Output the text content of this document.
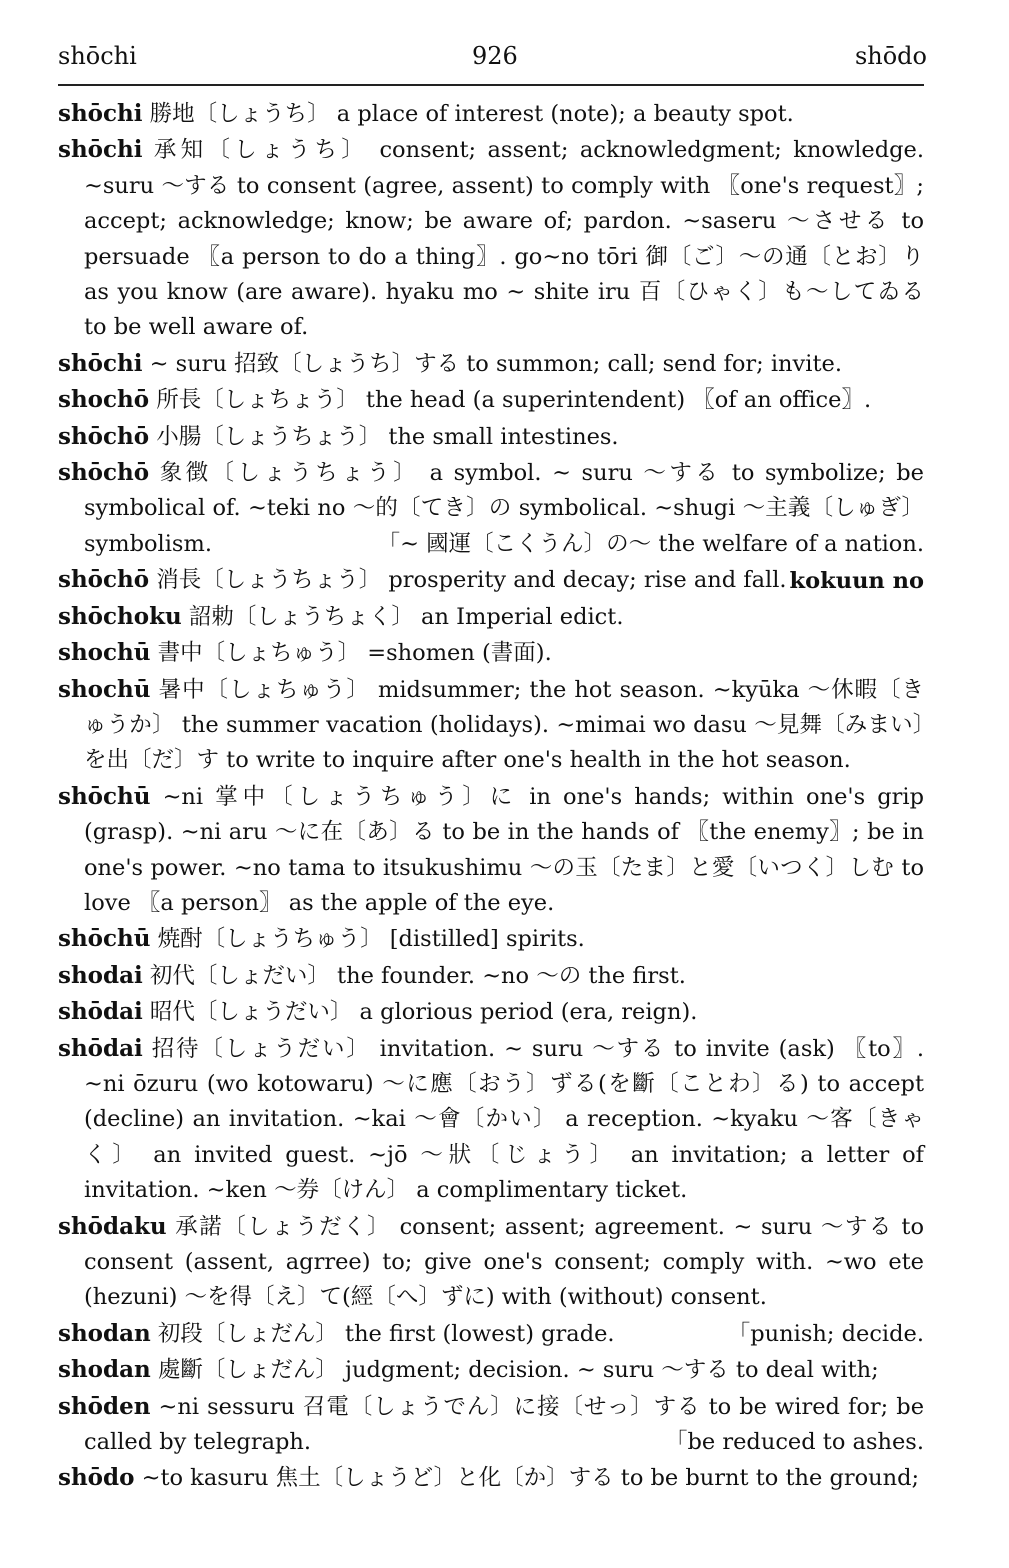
shōchi	926	shōdo
shōchi 勝地〔しょうち〕 a place of interest (note); a beauty spot.
shōchi 承知〔しょうち〕 consent; assent; acknowledgment; knowledge. ~suru ～する to consent (agree, assent) to comply with 〖one's request〗; accept; acknowledge; know; be aware of; pardon. ~saseru ～させる to persuade 〖a person to do a thing〗. go~no tōri 御〔ご〕～の通〔とお〕り as you know (are aware). hyaku mo ~ shite iru 百〔ひゃく〕も～してゐる to be well aware of.
shōchi ~ suru 招致〔しょうち〕する to summon; call; send for; invite.
shochō 所長〔しょちょう〕 the head (a superintendent) 〖of an office〗.
shōchō 小腸〔しょうちょう〕 the small intestines.
shōchō 象徴〔しょうちょう〕 a symbol. ~ suru ～する to symbolize; be symbolical of. ~teki no ～的〔てき〕の symbolical. ~shugi ～主義〔しゅぎ〕 symbolism.	「~ 國運〔こくうん〕の～ the welfare of a nation.
shōchō 消長〔しょうちょう〕 prosperity and decay; rise and fall. kokuun no
shōchoku 詔勅〔しょうちょく〕 an Imperial edict.
shochū 書中〔しょちゅう〕 =shomen (書面).
shochū 暑中〔しょちゅう〕 midsummer; the hot season. ~kyūka ～休暇〔きゅうか〕 the summer vacation (holidays). ~mimai wo dasu ～見舞〔みまい〕を出〔だ〕す to write to inquire after one's health in the hot season.
shōchū ~ni 掌中〔しょうちゅう〕に in one's hands; within one's grip (grasp). ~ni aru ～に在〔あ〕る to be in the hands of 〖the enemy〗; be in one's power. ~no tama to itsukushimu ～の玉〔たま〕と愛〔いつく〕しむ to love 〖a person〗 as the apple of the eye.
shōchū 焼酎〔しょうちゅう〕 [distilled] spirits.
shodai 初代〔しょだい〕 the founder. ~no ～の the first.
shōdai 昭代〔しょうだい〕 a glorious period (era, reign).
shōdai 招待〔しょうだい〕 invitation. ~ suru ～する to invite (ask) 〖to〗. ~ni ōzuru (wo kotowaru) ～に應〔おう〕ずる(を斷〔ことわ〕る) to accept (decline) an invitation. ~kai ～會〔かい〕 a reception. ~kyaku ～客〔きゃく〕 an invited guest. ~jō ～狀〔じょう〕 an invitation; a letter of invitation. ~ken ～券〔けん〕 a complimentary ticket.
shōdaku 承諾〔しょうだく〕 consent; assent; agreement. ~ suru ～する to consent (assent, agrree) to; give one's consent; comply with. ~wo ete (hezuni) ～を得〔え〕て(經〔へ〕ずに) with (without) consent.
shodan 初段〔しょだん〕 the first (lowest) grade.	「punish; decide.
shodan 處斷〔しょだん〕 judgment; decision. ~ suru ～する to deal with;
shōden ~ni sessuru 召電〔しょうでん〕に接〔せっ〕する to be wired for; be called by telegraph.	「be reduced to ashes.
shōdo ~to kasuru 焦土〔しょうど〕と化〔か〕する to be burnt to the ground;
